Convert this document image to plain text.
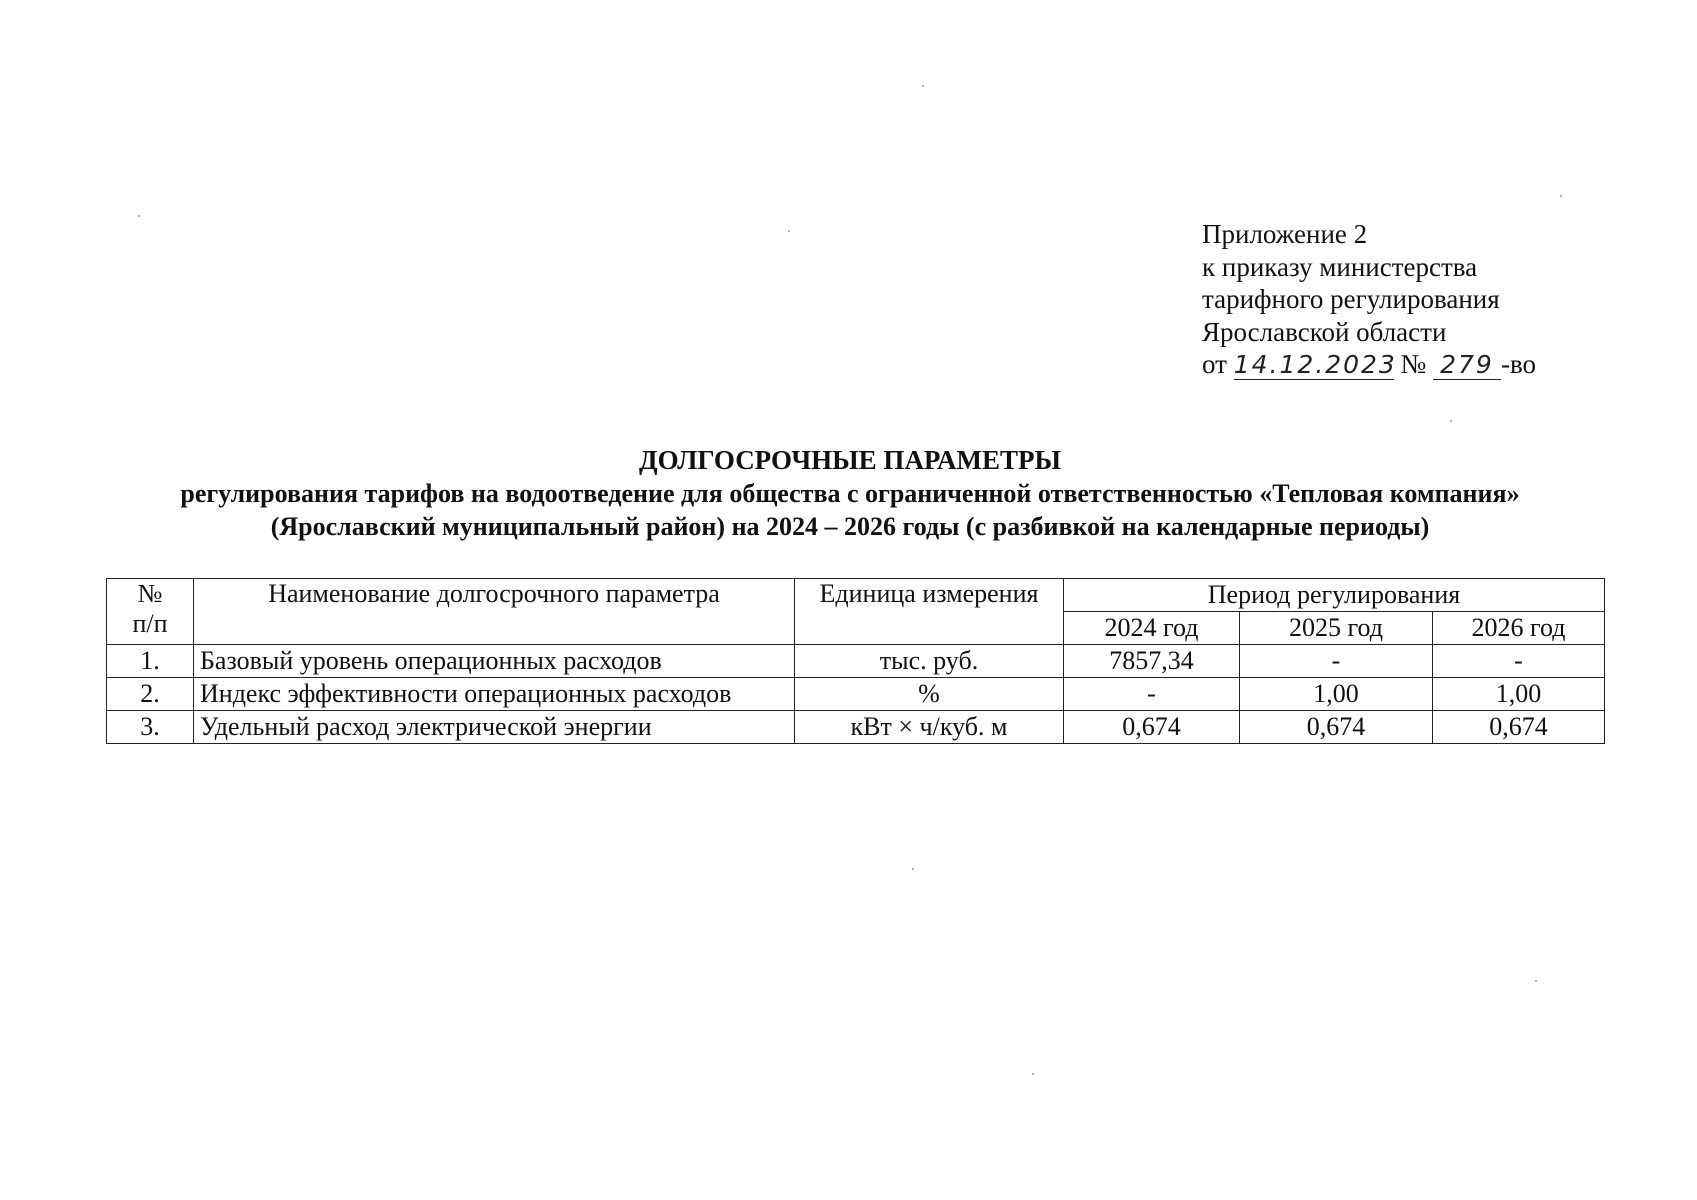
Приложение 2
к приказу министерства
тарифного регулирования
Ярославской области
от 14.12.2023 № 279 -во
ДОЛГОСРОЧНЫЕ ПАРАМЕТРЫ
регулирования тарифов на водоотведение для общества с ограниченной ответственностью «Тепловая компания»
(Ярославский муниципальный район) на 2024 – 2026 годы (с разбивкой на календарные периоды)
№
п/п	Наименование долгосрочного параметра	Единица измерения	Период регулирования		
			2024 год	2025 год	2026 год
1.	Базовый уровень операционных расходов	тыс. руб.	7857,34	-	-
2.	Индекс эффективности операционных расходов	%	-	1,00	1,00
3.	Удельный расход электрической энергии	кВт × ч/куб. м	0,674	0,674	0,674
